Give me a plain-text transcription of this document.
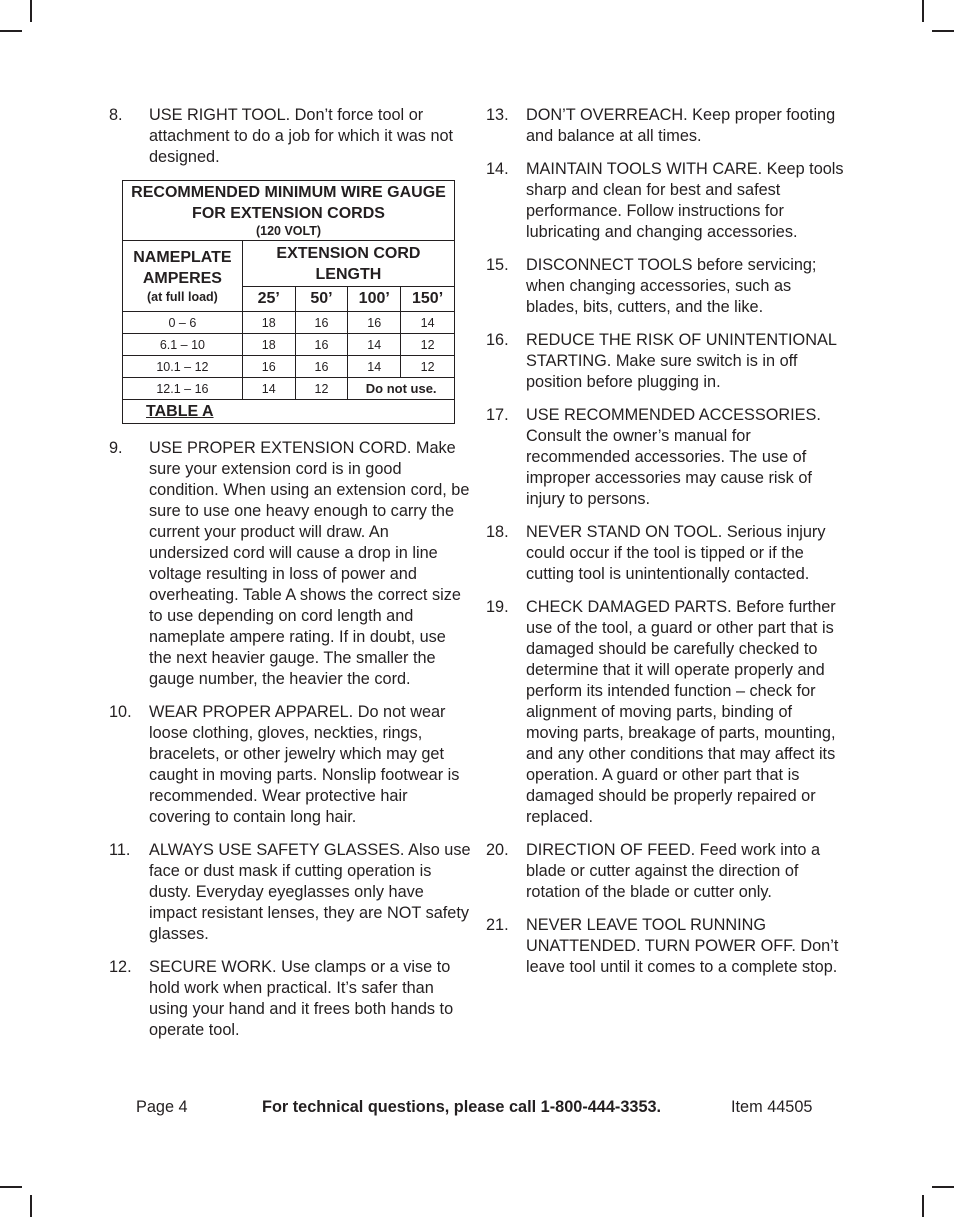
8.	USE RIGHT TOOL. Don’t force tool or attachment to do a job for which it was not designed.
RECOMMENDED MINIMUM WIRE GAUGE FOR EXTENSION CORDS
(120 VOLT)				

NAMEPLATE AMPERES
(at full load)	EXTENSION CORD LENGTH			
	25’	50’	100’	150’
0 – 6	18	16	16	14
6.1 – 10	18	16	14	12
10.1 – 12	16	16	14	12
12.1 – 16	14	12	Do not use.	
TABLE A				
9.	USE PROPER EXTENSION CORD. Make sure your extension cord is in good condition. When using an extension cord, be sure to use one heavy enough to carry the current your product will draw. An undersized cord will cause a drop in line voltage resulting in loss of power and overheating. Table A shows the correct size to use depending on cord length and nameplate ampere rating. If in doubt, use the next heavier gauge. The smaller the gauge number, the heavier the cord.
10.	WEAR PROPER APPAREL. Do not wear loose clothing, gloves, neckties, rings, bracelets, or other jewelry which may get caught in moving parts. Nonslip footwear is recommended. Wear protective hair covering to contain long hair.
11.	ALWAYS USE SAFETY GLASSES. Also use face or dust mask if cutting operation is dusty. Everyday eyeglasses only have impact resistant lenses, they are NOT safety glasses.
12.	SECURE WORK. Use clamps or a vise to hold work when practical. It’s safer than using your hand and it frees both hands to operate tool.
13.	DON’T OVERREACH. Keep proper footing and balance at all times.
14.	MAINTAIN TOOLS WITH CARE. Keep tools sharp and clean for best and safest performance. Follow instructions for lubricating and changing accessories.
15.	DISCONNECT TOOLS before servicing; when changing accessories, such as blades, bits, cutters, and the like.
16.	REDUCE THE RISK OF UNINTENTIONAL STARTING. Make sure switch is in off position before plugging in.
17.	USE RECOMMENDED ACCESSORIES. Consult the owner’s manual for recommended accessories. The use of improper accessories may cause risk of injury to persons.
18.	NEVER STAND ON TOOL. Serious injury could occur if the tool is tipped or if the cutting tool is unintentionally contacted.
19.	CHECK DAMAGED PARTS. Before further use of the tool, a guard or other part that is damaged should be carefully checked to determine that it will operate properly and perform its intended function – check for alignment of moving parts, binding of moving parts, breakage of parts, mounting, and any other conditions that may affect its operation. A guard or other part that is damaged should be properly repaired or replaced.
20.	DIRECTION OF FEED. Feed work into a blade or cutter against the direction of rotation of the blade or cutter only.
21.	NEVER LEAVE TOOL RUNNING UNATTENDED. TURN POWER OFF. Don’t leave tool until it comes to a complete stop.
Page 4	For technical questions, please call 1-800-444-3353.	Item 44505
